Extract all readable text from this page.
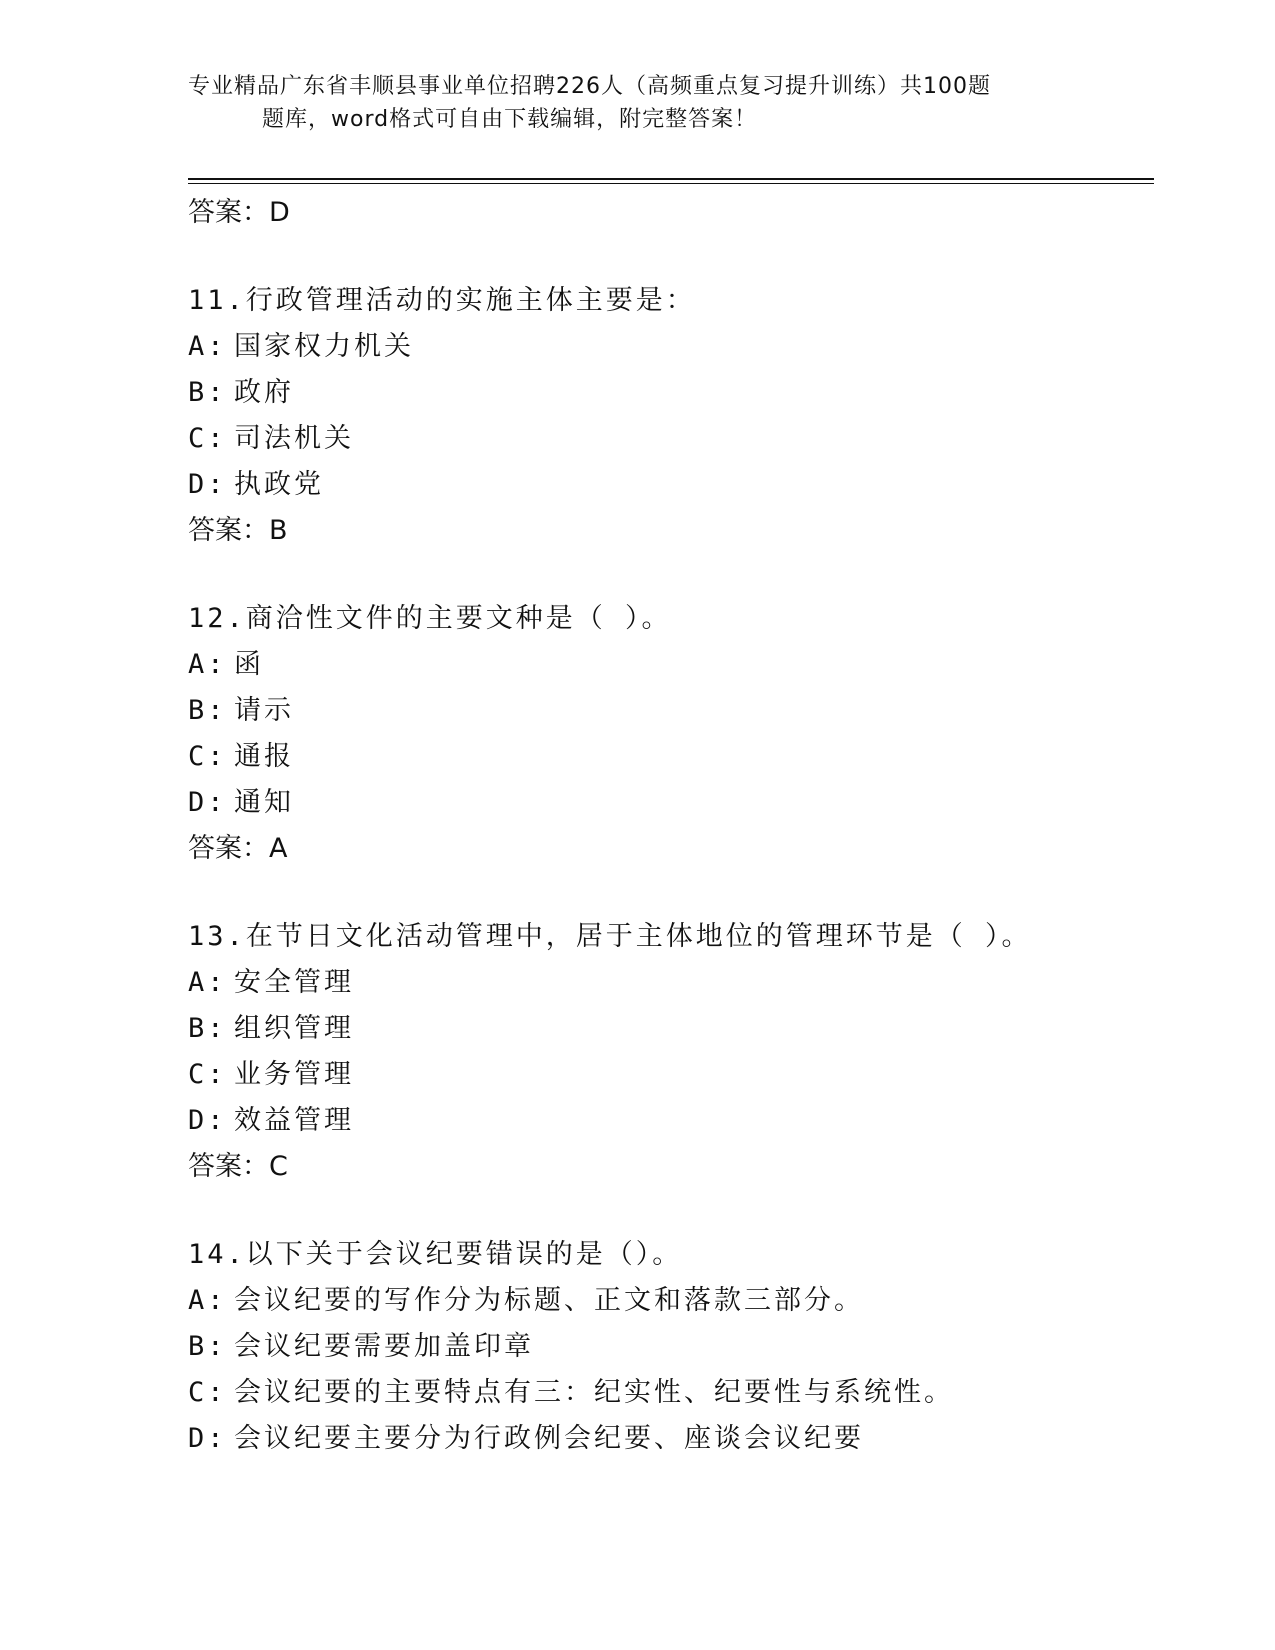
专业精品广东省丰顺县事业单位招聘226人（高频重点复习提升训练）共100题
题库，word格式可自由下载编辑，附完整答案！
答案：D
11.行政管理活动的实施主体主要是：
A: 国家权力机关
B: 政府
C: 司法机关
D: 执政党
答案：B
12.商洽性文件的主要文种是（ ）。
A: 函
B: 请示
C: 通报
D: 通知
答案：A
13.在节日文化活动管理中，居于主体地位的管理环节是（ ）。
A: 安全管理
B: 组织管理
C: 业务管理
D: 效益管理
答案：C
14.以下关于会议纪要错误的是（）。
A: 会议纪要的写作分为标题、正文和落款三部分。
B: 会议纪要需要加盖印章
C: 会议纪要的主要特点有三：纪实性、纪要性与系统性。
D: 会议纪要主要分为行政例会纪要、座谈会议纪要
